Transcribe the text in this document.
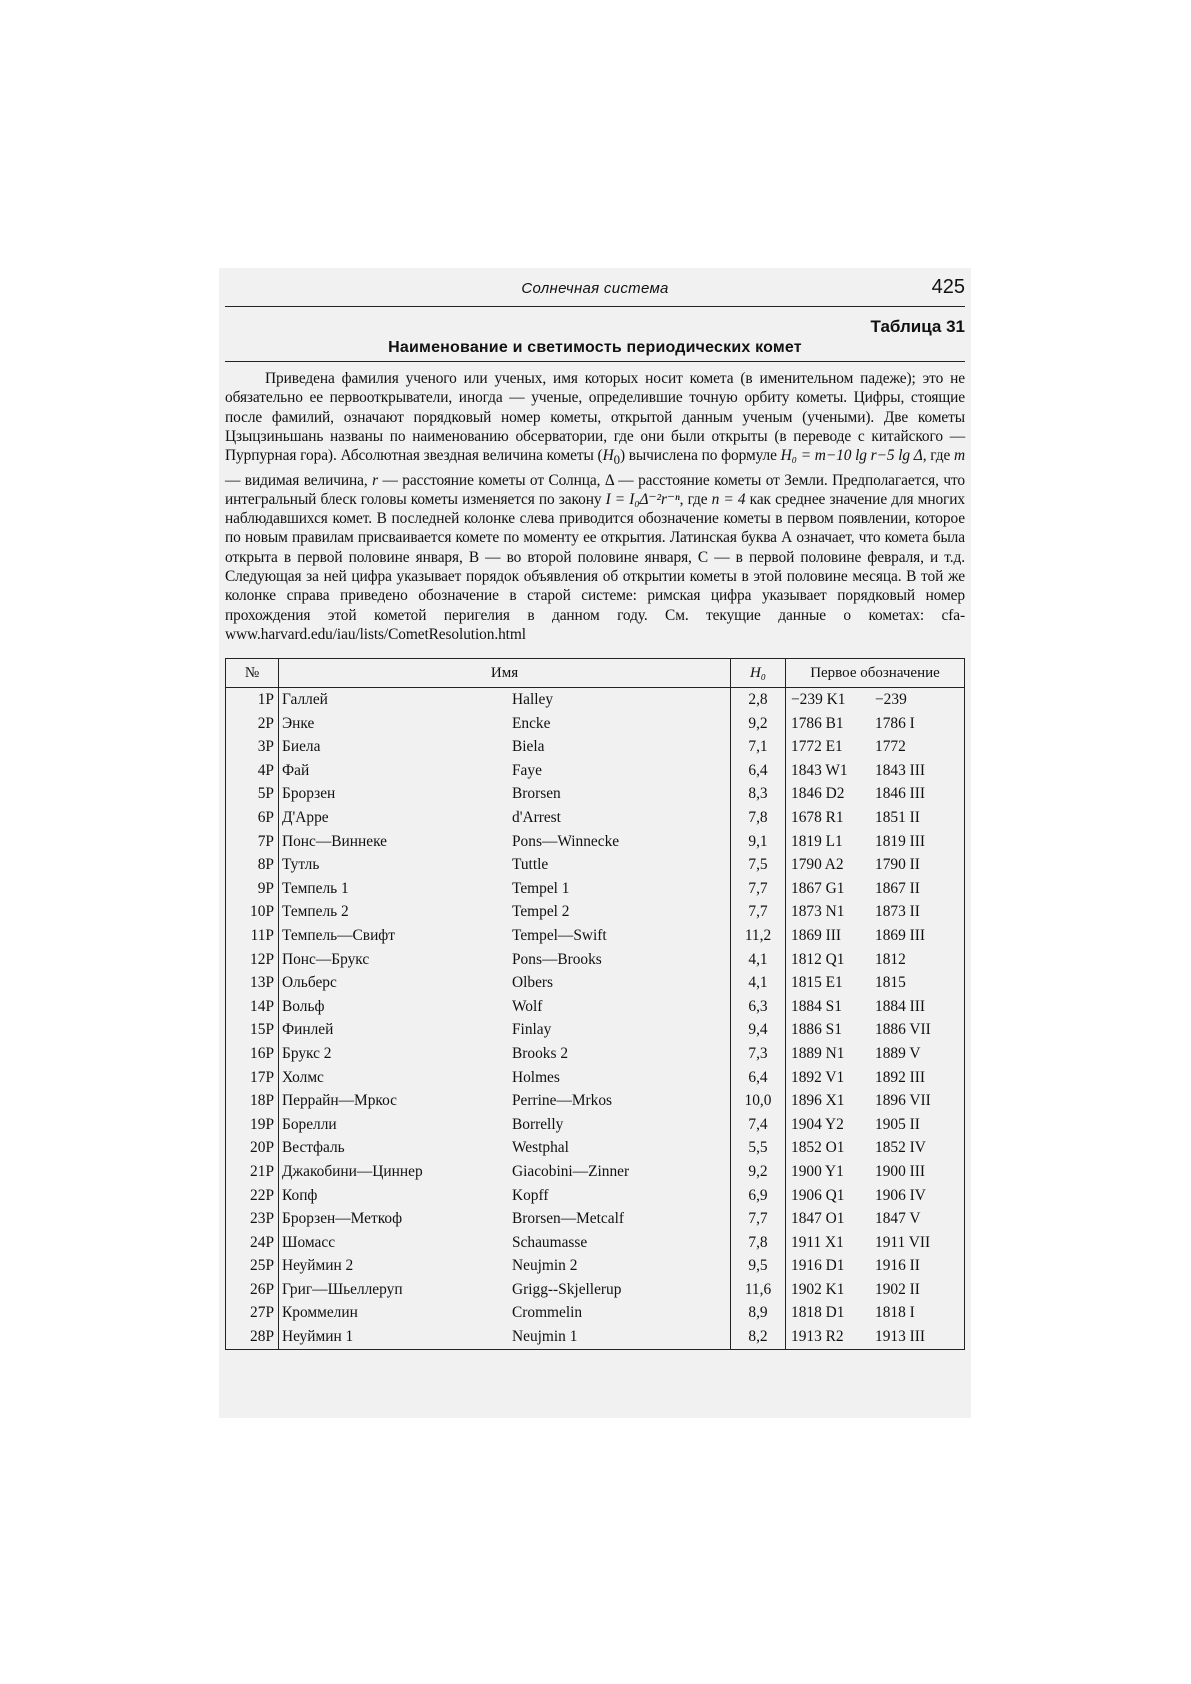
Солнечная система	425
Таблица 31
Наименование и светимость периодических комет

Приведена фамилия ученого или ученых, имя которых носит комета (в именительном падеже); это не обязательно ее первооткрыватели, иногда — ученые, определившие точную орбиту кометы. Цифры, стоящие после фамилий, означают порядковый номер кометы, открытой данным ученым (учеными). Две кометы Цзыцзиньшань названы по наименованию обсерватории, где они были открыты (в переводе с китайского — Пурпурная гора). Абсолютная звездная величина кометы $(H_0)$ вычислена по формуле H₀ = m−10 lg r−5 lg Δ, где m — видимая величина, r — расстояние кометы от Солнца, Δ — расстояние кометы от Земли. Предполагается, что интегральный блеск головы кометы изменяется по закону I = I₀Δ⁻²r⁻ⁿ, где n = 4 как среднее значение для многих наблюдавшихся комет. В последней колонке слева приводится обозначение кометы в первом появлении, которое по новым правилам присваивается комете по моменту ее открытия. Латинская буква А означает, что комета была открыта в первой половине января, В — во второй половине января, С — в первой половине февраля, и т.д. Следующая за ней цифра указывает порядок объявления об открытии кометы в этой половине месяца. В той же колонке справа приведено обозначение в старой системе: римская цифра указывает порядковый номер прохождения этой кометой перигелия в данном году. См. текущие данные о кометах: cfa-www.harvard.edu/iau/lists/CometResolution.html

№	Имя		H₀	Первое обозначение	
1P	Галлей	Halley	2,8	−239 K1	−239
2P	Энке	Encke	9,2	1786 B1	1786 I
3P	Биела	Biela	7,1	1772 E1	1772
4P	Фай	Faye	6,4	1843 W1	1843 III
5P	Брорзен	Brorsen	8,3	1846 D2	1846 III
6P	Д'Арре	d'Arrest	7,8	1678 R1	1851 II
7P	Понс—Виннеке	Pons—Winnecke	9,1	1819 L1	1819 III
8P	Тутль	Tuttle	7,5	1790 A2	1790 II
9P	Темпель 1	Tempel 1	7,7	1867 G1	1867 II
10P	Темпель 2	Tempel 2	7,7	1873 N1	1873 II
11P	Темпель—Свифт	Tempel—Swift	11,2	1869 III	1869 III
12P	Понс—Брукс	Pons—Brooks	4,1	1812 Q1	1812
13P	Ольберс	Olbers	4,1	1815 E1	1815
14P	Вольф	Wolf	6,3	1884 S1	1884 III
15P	Финлей	Finlay	9,4	1886 S1	1886 VII
16P	Брукс 2	Brooks 2	7,3	1889 N1	1889 V
17P	Холмс	Holmes	6,4	1892 V1	1892 III
18P	Перрайн—Мркос	Perrine—Mrkos	10,0	1896 X1	1896 VII
19P	Борелли	Borrelly	7,4	1904 Y2	1905 II
20P	Вестфаль	Westphal	5,5	1852 O1	1852 IV
21P	Джакобини—Циннер	Giacobini—Zinner	9,2	1900 Y1	1900 III
22P	Копф	Kopff	6,9	1906 Q1	1906 IV
23P	Брорзен—Меткоф	Brorsen—Metcalf	7,7	1847 O1	1847 V
24P	Шомасс	Schaumasse	7,8	1911 X1	1911 VII
25P	Неуймин 2	Neujmin 2	9,5	1916 D1	1916 II
26P	Григ—Шьеллеруп	Grigg--Skjellerup	11,6	1902 K1	1902 II
27P	Кроммелин	Crommelin	8,9	1818 D1	1818 I
28P	Неуймин 1	Neujmin 1	8,2	1913 R2	1913 III
